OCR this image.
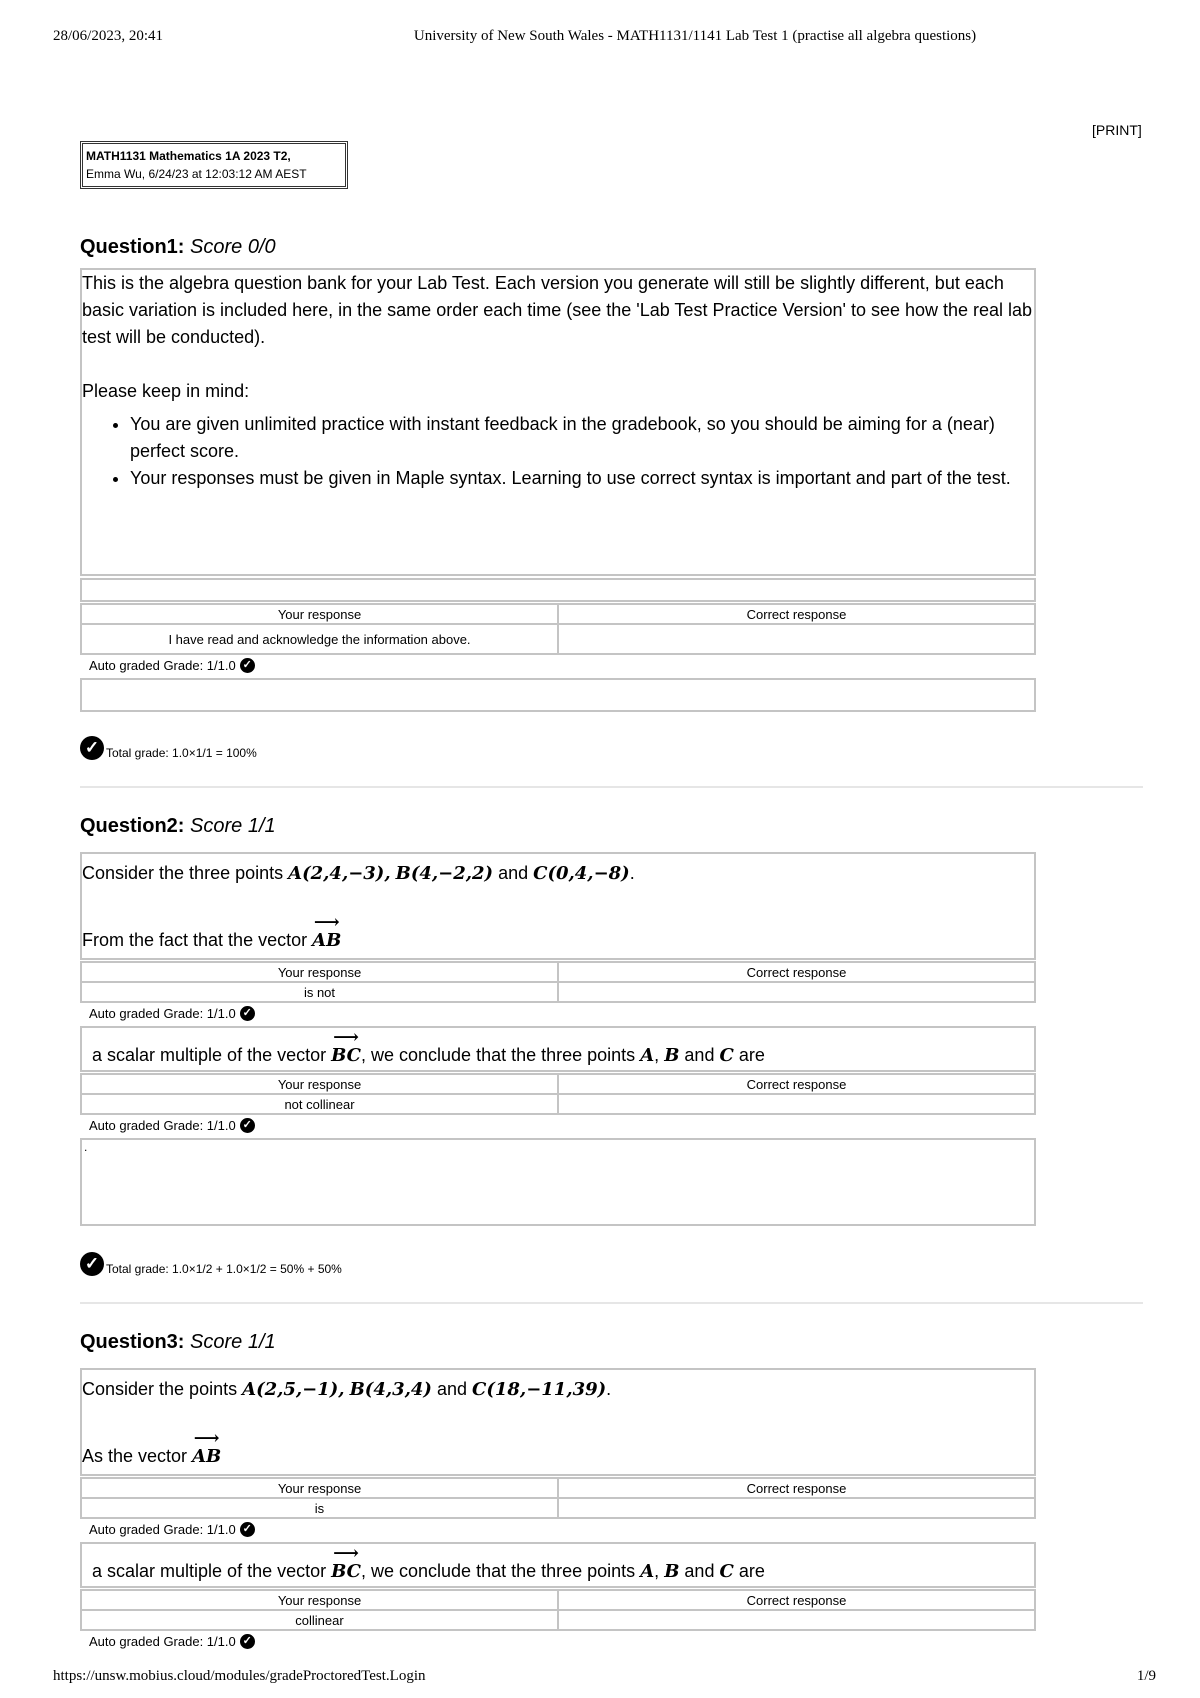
28/06/2023, 20:41	University of New South Wales - MATH1131/1141 Lab Test 1 (practise all algebra questions)
[PRINT]
MATH1131 Mathematics 1A 2023 T2,
Emma Wu, 6/24/23 at 12:03:12 AM AEST
Question1: Score 0/0
This is the algebra question bank for your Lab Test. Each version you generate will still be slightly different, but each basic variation is included here, in the same order each time (see the 'Lab Test Practice Version' to see how the real lab test will be conducted).
Please keep in mind:
• You are given unlimited practice with instant feedback in the gradebook, so you should be aiming for a (near) perfect score.
• Your responses must be given in Maple syntax. Learning to use correct syntax is important and part of the test.
Your response	Correct response
I have read and acknowledge the information above.	
Auto graded Grade: 1/1.0 ✓
✓ Total grade: 1.0×1/1 = 100%
Question2: Score 1/1
Consider the three points A(2,4,−3), B(4,−2,2) and C(0,4,−8).
From the fact that the vector ⟶ AB
Your response	Correct response
is not	
Auto graded Grade: 1/1.0 ✓
a scalar multiple of the vector ⟶ BC, we conclude that the three points A, B and C are
Your response	Correct response
not collinear	
Auto graded Grade: 1/1.0 ✓
.
✓ Total grade: 1.0×1/2 + 1.0×1/2 = 50% + 50%
Question3: Score 1/1
Consider the points A(2,5,−1), B(4,3,4) and C(18,−11,39).
As the vector ⟶ AB
Your response	Correct response
is	
Auto graded Grade: 1/1.0 ✓
a scalar multiple of the vector ⟶ BC, we conclude that the three points A, B and C are
Your response	Correct response
collinear	
Auto graded Grade: 1/1.0 ✓
https://unsw.mobius.cloud/modules/gradeProctoredTest.Login	1/9
